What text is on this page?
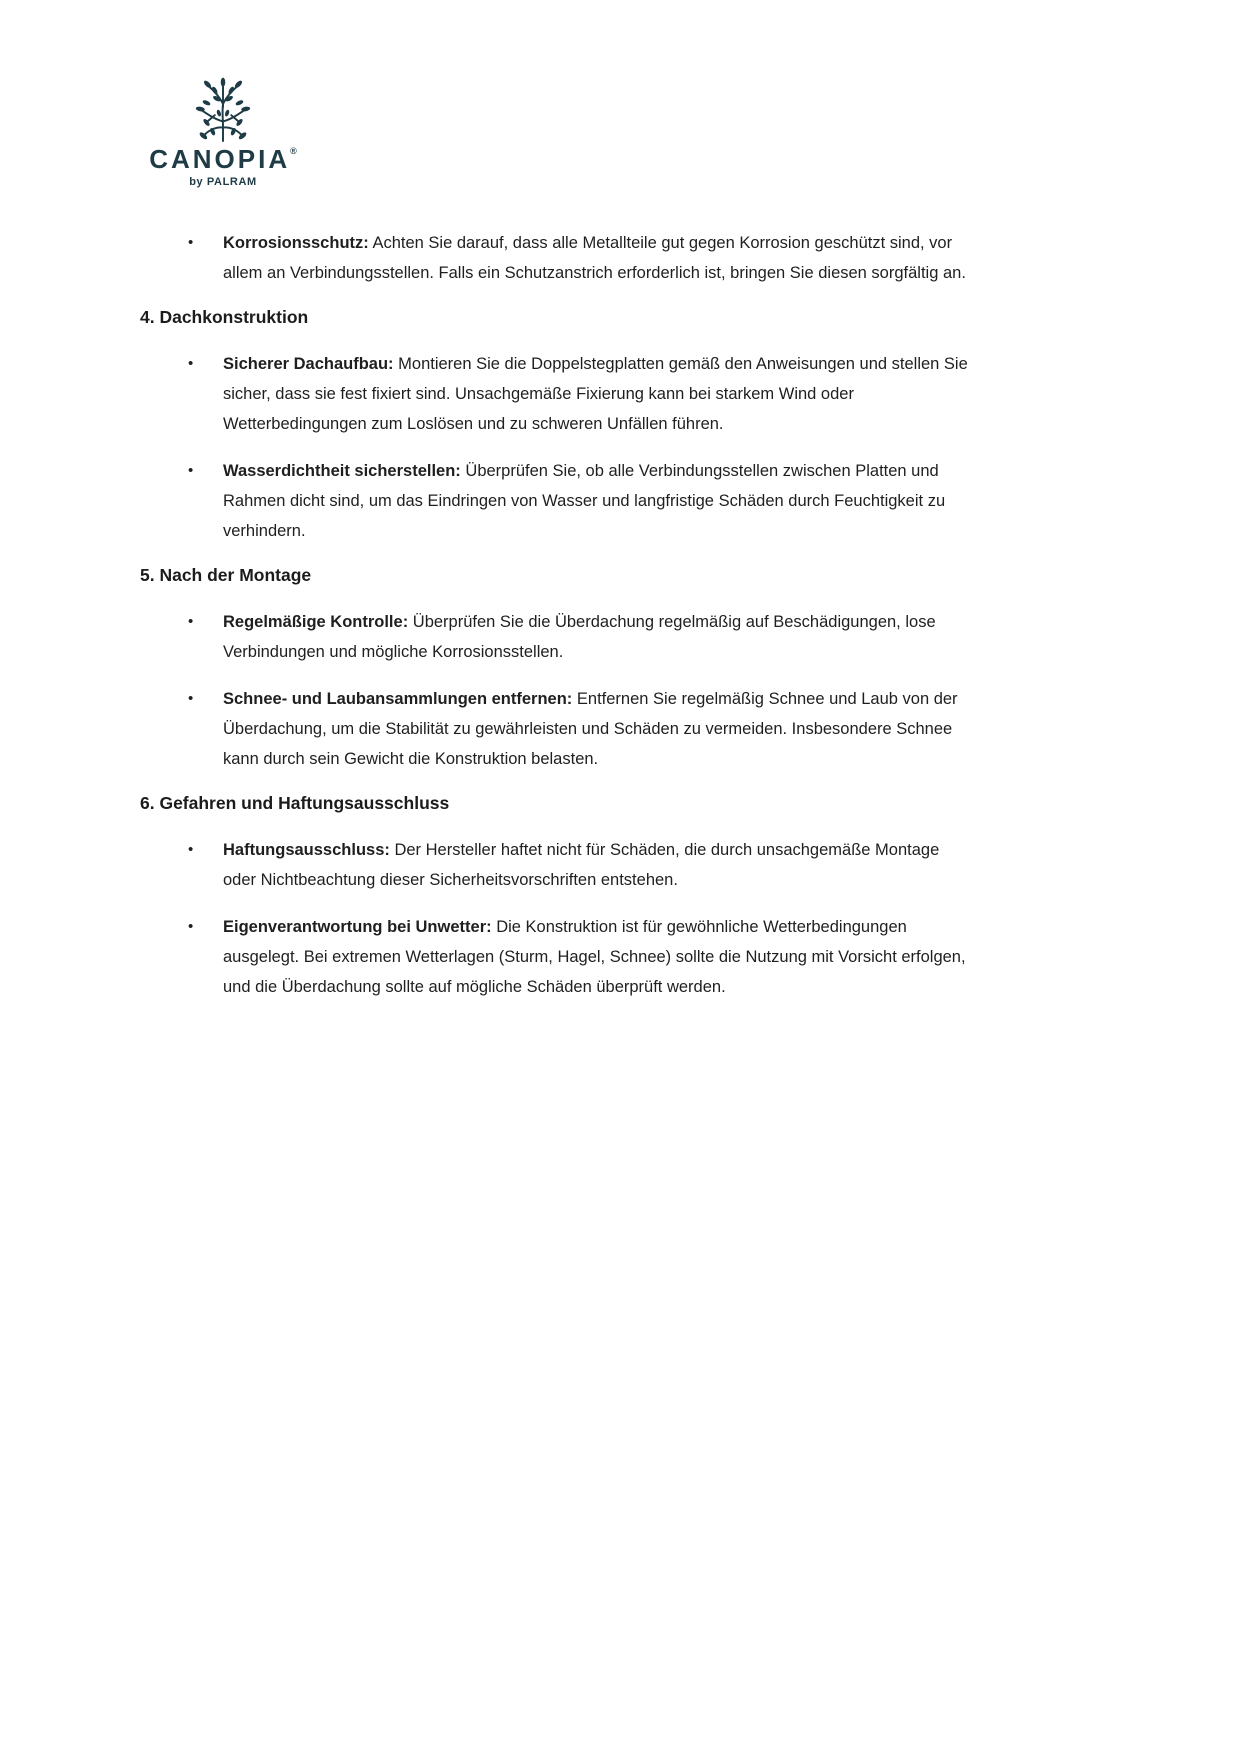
CANOPIA®
by PALRAM
•	Korrosionsschutz: Achten Sie darauf, dass alle Metallteile gut gegen Korrosion geschützt sind, vor allem an Verbindungsstellen. Falls ein Schutzanstrich erforderlich ist, bringen Sie diesen sorgfältig an.
4. Dachkonstruktion
•	Sicherer Dachaufbau: Montieren Sie die Doppelstegplatten gemäß den Anweisungen und stellen Sie sicher, dass sie fest fixiert sind. Unsachgemäße Fixierung kann bei starkem Wind oder Wetterbedingungen zum Loslösen und zu schweren Unfällen führen.
•	Wasserdichtheit sicherstellen: Überprüfen Sie, ob alle Verbindungsstellen zwischen Platten und Rahmen dicht sind, um das Eindringen von Wasser und langfristige Schäden durch Feuchtigkeit zu verhindern.
5. Nach der Montage
•	Regelmäßige Kontrolle: Überprüfen Sie die Überdachung regelmäßig auf Beschädigungen, lose Verbindungen und mögliche Korrosionsstellen.
•	Schnee- und Laubansammlungen entfernen: Entfernen Sie regelmäßig Schnee und Laub von der Überdachung, um die Stabilität zu gewährleisten und Schäden zu vermeiden. Insbesondere Schnee kann durch sein Gewicht die Konstruktion belasten.
6. Gefahren und Haftungsausschluss
•	Haftungsausschluss: Der Hersteller haftet nicht für Schäden, die durch unsachgemäße Montage oder Nichtbeachtung dieser Sicherheitsvorschriften entstehen.
•	Eigenverantwortung bei Unwetter: Die Konstruktion ist für gewöhnliche Wetterbedingungen ausgelegt. Bei extremen Wetterlagen (Sturm, Hagel, Schnee) sollte die Nutzung mit Vorsicht erfolgen, und die Überdachung sollte auf mögliche Schäden überprüft werden.
